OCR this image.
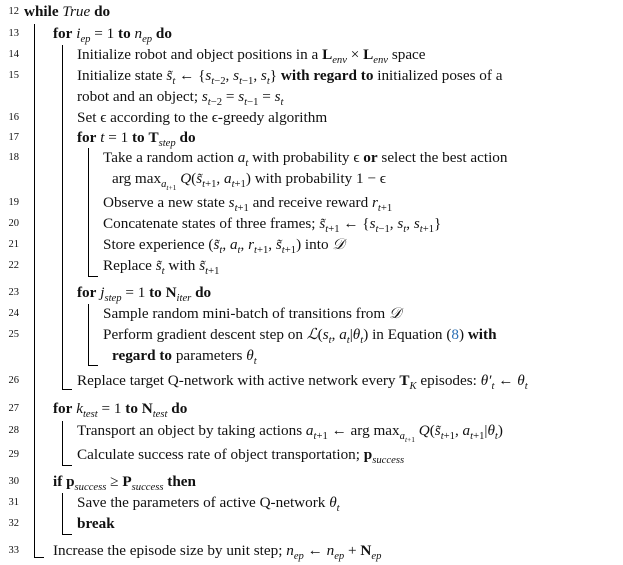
12 while True do
13 for $i_{ep} = 1$ to $n_{ep}$ do
14	Initialize robot and object positions in a $L_{env} \times L_{env}$ space
15	Initialize state $s̃_t$ ← {$s_{t-2}$, $s_{t-1}$, $s_t$} with regard to initialized poses of a
robot and an object; $s_{t-2} = s_{t-1} = s_t$
16	Set ϵ according to the ϵ-greedy algorithm
17	for t = 1 to $T_{step}$ do
18	Take a random action $a_t$ with probability ϵ or select the best action
arg $\max_{a_{t+1}}$ $Q(s̃_{t+1}$, $a_{t+1}$) with probability 1 − ϵ
19	Observe a new state $s_{t+1}$ and receive reward $r_{t+1}$
20	Concatenate states of three frames; $s̃_{t+1}$ ← {$s_{t-1}$, $s_t$, $s_{t+1}$}
21	Store experience ($s̃_t$, $a_t$, $r_{t+1}$, $s̃_{t+1}$) into 𝒟
22	Replace $s̃_t$ with $s̃_{t+1}$
23	for $j_{step} = 1$ to $N_{iter}$ do
24	Sample random mini-batch of transitions from 𝒟
25	Perform gradient descent step on $ℒ(s_t$, $a_t|\theta_t$) in Equation (8) with
regard to parameters $\theta_t$
26	Replace target Q-network with active network every $T_K$ episodes: $\theta'_t$ ← $\theta_t$
27 for $k_{test} = 1$ to $N_{test}$ do
28	Transport an object by taking actions $a_{t+1}$ ← arg $\max_{a_{t+1}}$ $Q(s̃_{t+1}$, $a_{t+1}|\theta_t$)
29	Calculate success rate of object transportation; $p_{success}$
30 if $p_{success} \ge P_{success}$ then
31	Save the parameters of active Q-network $\theta_t$
32	break
33 Increase the episode size by unit step; $n_{ep}$ ← $n_{ep} + N_{ep}$
